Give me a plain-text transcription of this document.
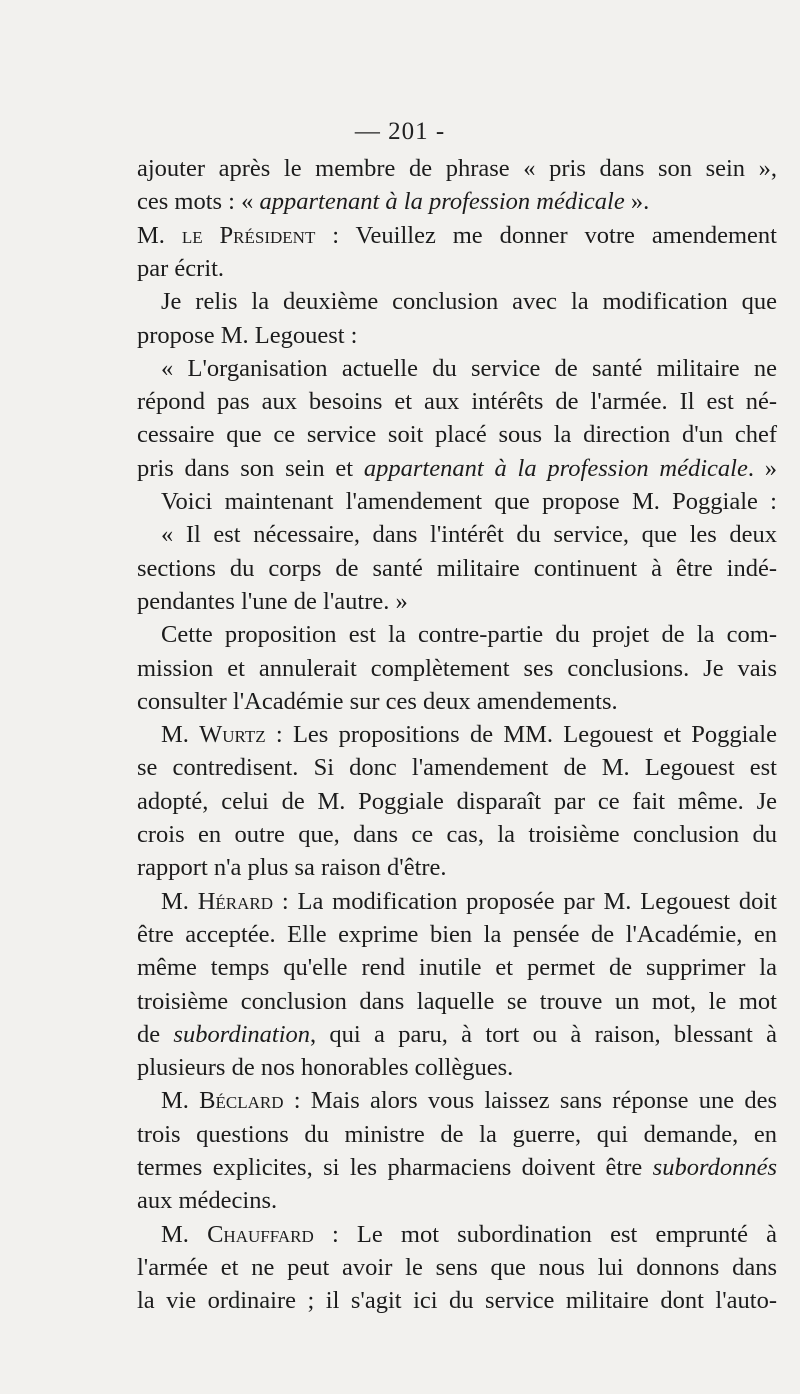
— 201 -
ajouter après le membre de phrase « pris dans son sein »,
ces mots : « appartenant à la profession médicale ».
M. le Président : Veuillez me donner votre amendement
par écrit.
Je relis la deuxième conclusion avec la modification que
propose M. Legouest :
« L'organisation actuelle du service de santé militaire ne
répond pas aux besoins et aux intérêts de l'armée. Il est né-
cessaire que ce service soit placé sous la direction d'un chef
pris dans son sein et appartenant à la profession médicale. »
Voici maintenant l'amendement que propose M. Poggiale :
« Il est nécessaire, dans l'intérêt du service, que les deux
sections du corps de santé militaire continuent à être indé-
pendantes l'une de l'autre. »
Cette proposition est la contre-partie du projet de la com-
mission et annulerait complètement ses conclusions. Je vais
consulter l'Académie sur ces deux amendements.
M. Wurtz : Les propositions de MM. Legouest et Poggiale
se contredisent. Si donc l'amendement de M. Legouest est
adopté, celui de M. Poggiale disparaît par ce fait même. Je
crois en outre que, dans ce cas, la troisième conclusion du
rapport n'a plus sa raison d'être.
M. Hérard : La modification proposée par M. Legouest doit
être acceptée. Elle exprime bien la pensée de l'Académie, en
même temps qu'elle rend inutile et permet de supprimer la
troisième conclusion dans laquelle se trouve un mot, le mot
de subordination, qui a paru, à tort ou à raison, blessant à
plusieurs de nos honorables collègues.
M. Béclard : Mais alors vous laissez sans réponse une des
trois questions du ministre de la guerre, qui demande, en
termes explicites, si les pharmaciens doivent être subordonnés
aux médecins.
M. Chauffard : Le mot subordination est emprunté à
l'armée et ne peut avoir le sens que nous lui donnons dans
la vie ordinaire ; il s'agit ici du service militaire dont l'auto-
